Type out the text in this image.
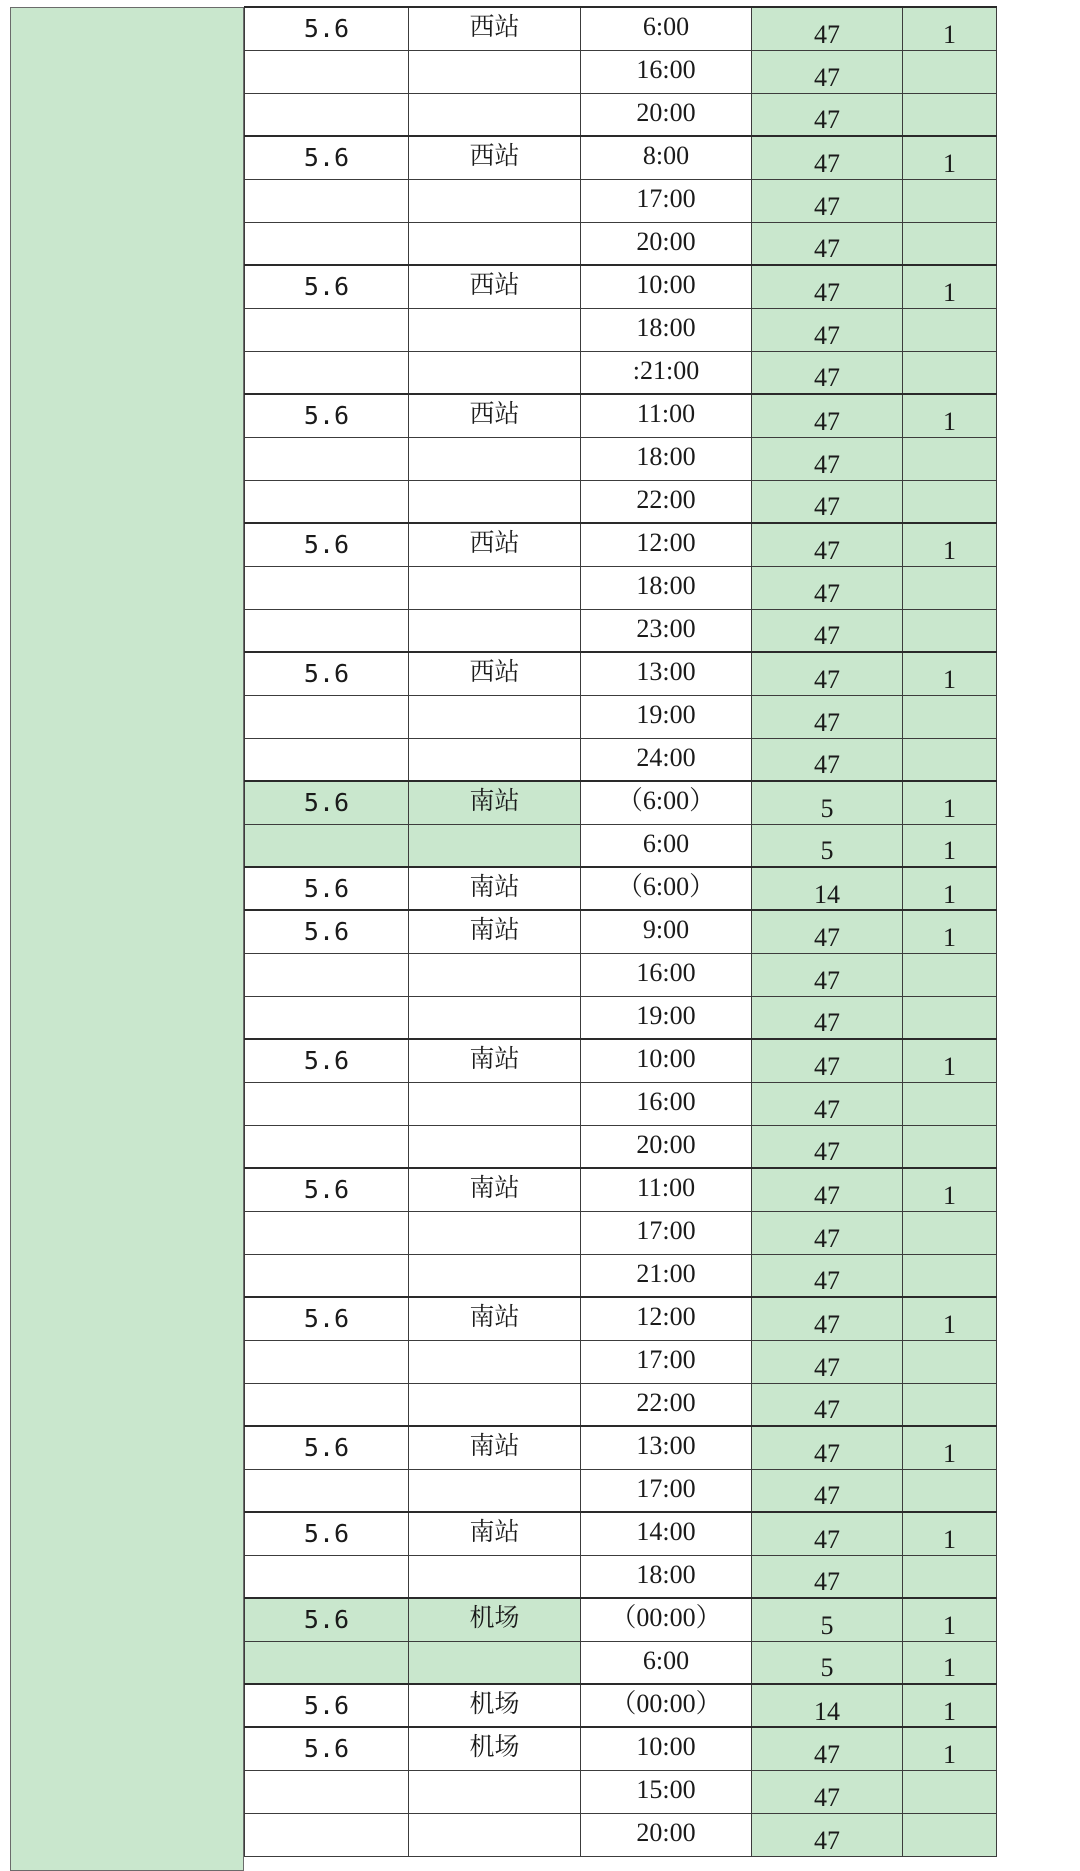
5.6	西站	6:00	47	1
		16:00	47	
		20:00	47	
5.6	西站	8:00	47	1
		17:00	47	
		20:00	47	
5.6	西站	10:00	47	1
		18:00	47	
		:21:00	47	
5.6	西站	11:00	47	1
		18:00	47	
		22:00	47	
5.6	西站	12:00	47	1
		18:00	47	
		23:00	47	
5.6	西站	13:00	47	1
		19:00	47	
		24:00	47	
5.6	南站	（6:00）	5	1
		6:00	5	1
5.6	南站	（6:00）	14	1
5.6	南站	9:00	47	1
		16:00	47	
		19:00	47	
5.6	南站	10:00	47	1
		16:00	47	
		20:00	47	
5.6	南站	11:00	47	1
		17:00	47	
		21:00	47	
5.6	南站	12:00	47	1
		17:00	47	
		22:00	47	
5.6	南站	13:00	47	1
		17:00	47	
5.6	南站	14:00	47	1
		18:00	47	
5.6	机场	（00:00）	5	1
		6:00	5	1
5.6	机场	（00:00）	14	1
5.6	机场	10:00	47	1
		15:00	47	
		20:00	47	
